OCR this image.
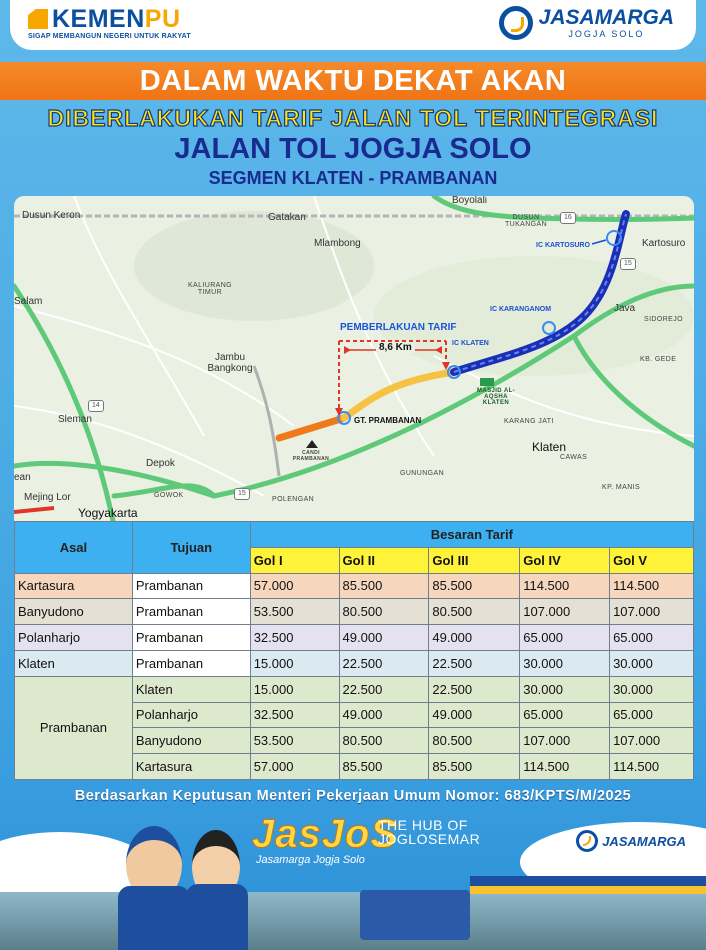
KEMENPU
SIGAP MEMBANGUN NEGERI UNTUK RAKYAT
JASAMARGA
JOGJA SOLO
DALAM WAKTU DEKAT AKAN
DIBERLAKUKAN TARIF JALAN TOL TERINTEGRASI
JALAN TOL JOGJA SOLO
SEGMEN KLATEN - PRAMBANAN
Dusun Keron	Gatakan
Mlambong
Boyolali
DUSUN TUKANGAN
Kartosuro
KALIURANG TIMUR
Salam
Jambu Bangkong
Sleman
Java
SIDOREJO
KB. GEDE
KARANG JATI
Klaten
CAWAS
GUNUNGAN
Depok
GOWOK
POLENGAN
KP. MANIS
Mejing Lor
Yogyakarta
ean
MASJID AL-AQSHA KLATEN
CANDI PRAMBANAN
IC KARTOSURO
IC KARANGANOM
IC KLATEN
PEMBERLAKUAN TARIF
8,6 Km
GT. PRAMBANAN
16
15
14
15
Asal	Tujuan	Besaran Tarif				
		Gol I	Gol II	Gol III	Gol IV	Gol V
Kartasura	Prambanan	57.000	85.500	85.500	114.500	114.500
Banyudono	Prambanan	53.500	80.500	80.500	107.000	107.000
Polanharjo	Prambanan	32.500	49.000	49.000	65.000	65.000
Klaten	Prambanan	15.000	22.500	22.500	30.000	30.000
Prambanan	Klaten	15.000	22.500	22.500	30.000	30.000
	Polanharjo	32.500	49.000	49.000	65.000	65.000
	Banyudono	53.500	80.500	80.500	107.000	107.000
	Kartasura	57.000	85.500	85.500	114.500	114.500
Berdasarkan Keputusan Menteri Pekerjaan Umum Nomor: 683/KPTS/M/2025
JasJoS
Jasamarga Jogja Solo
THE HUB OF
JOGLOSEMAR	JASAMARGA
